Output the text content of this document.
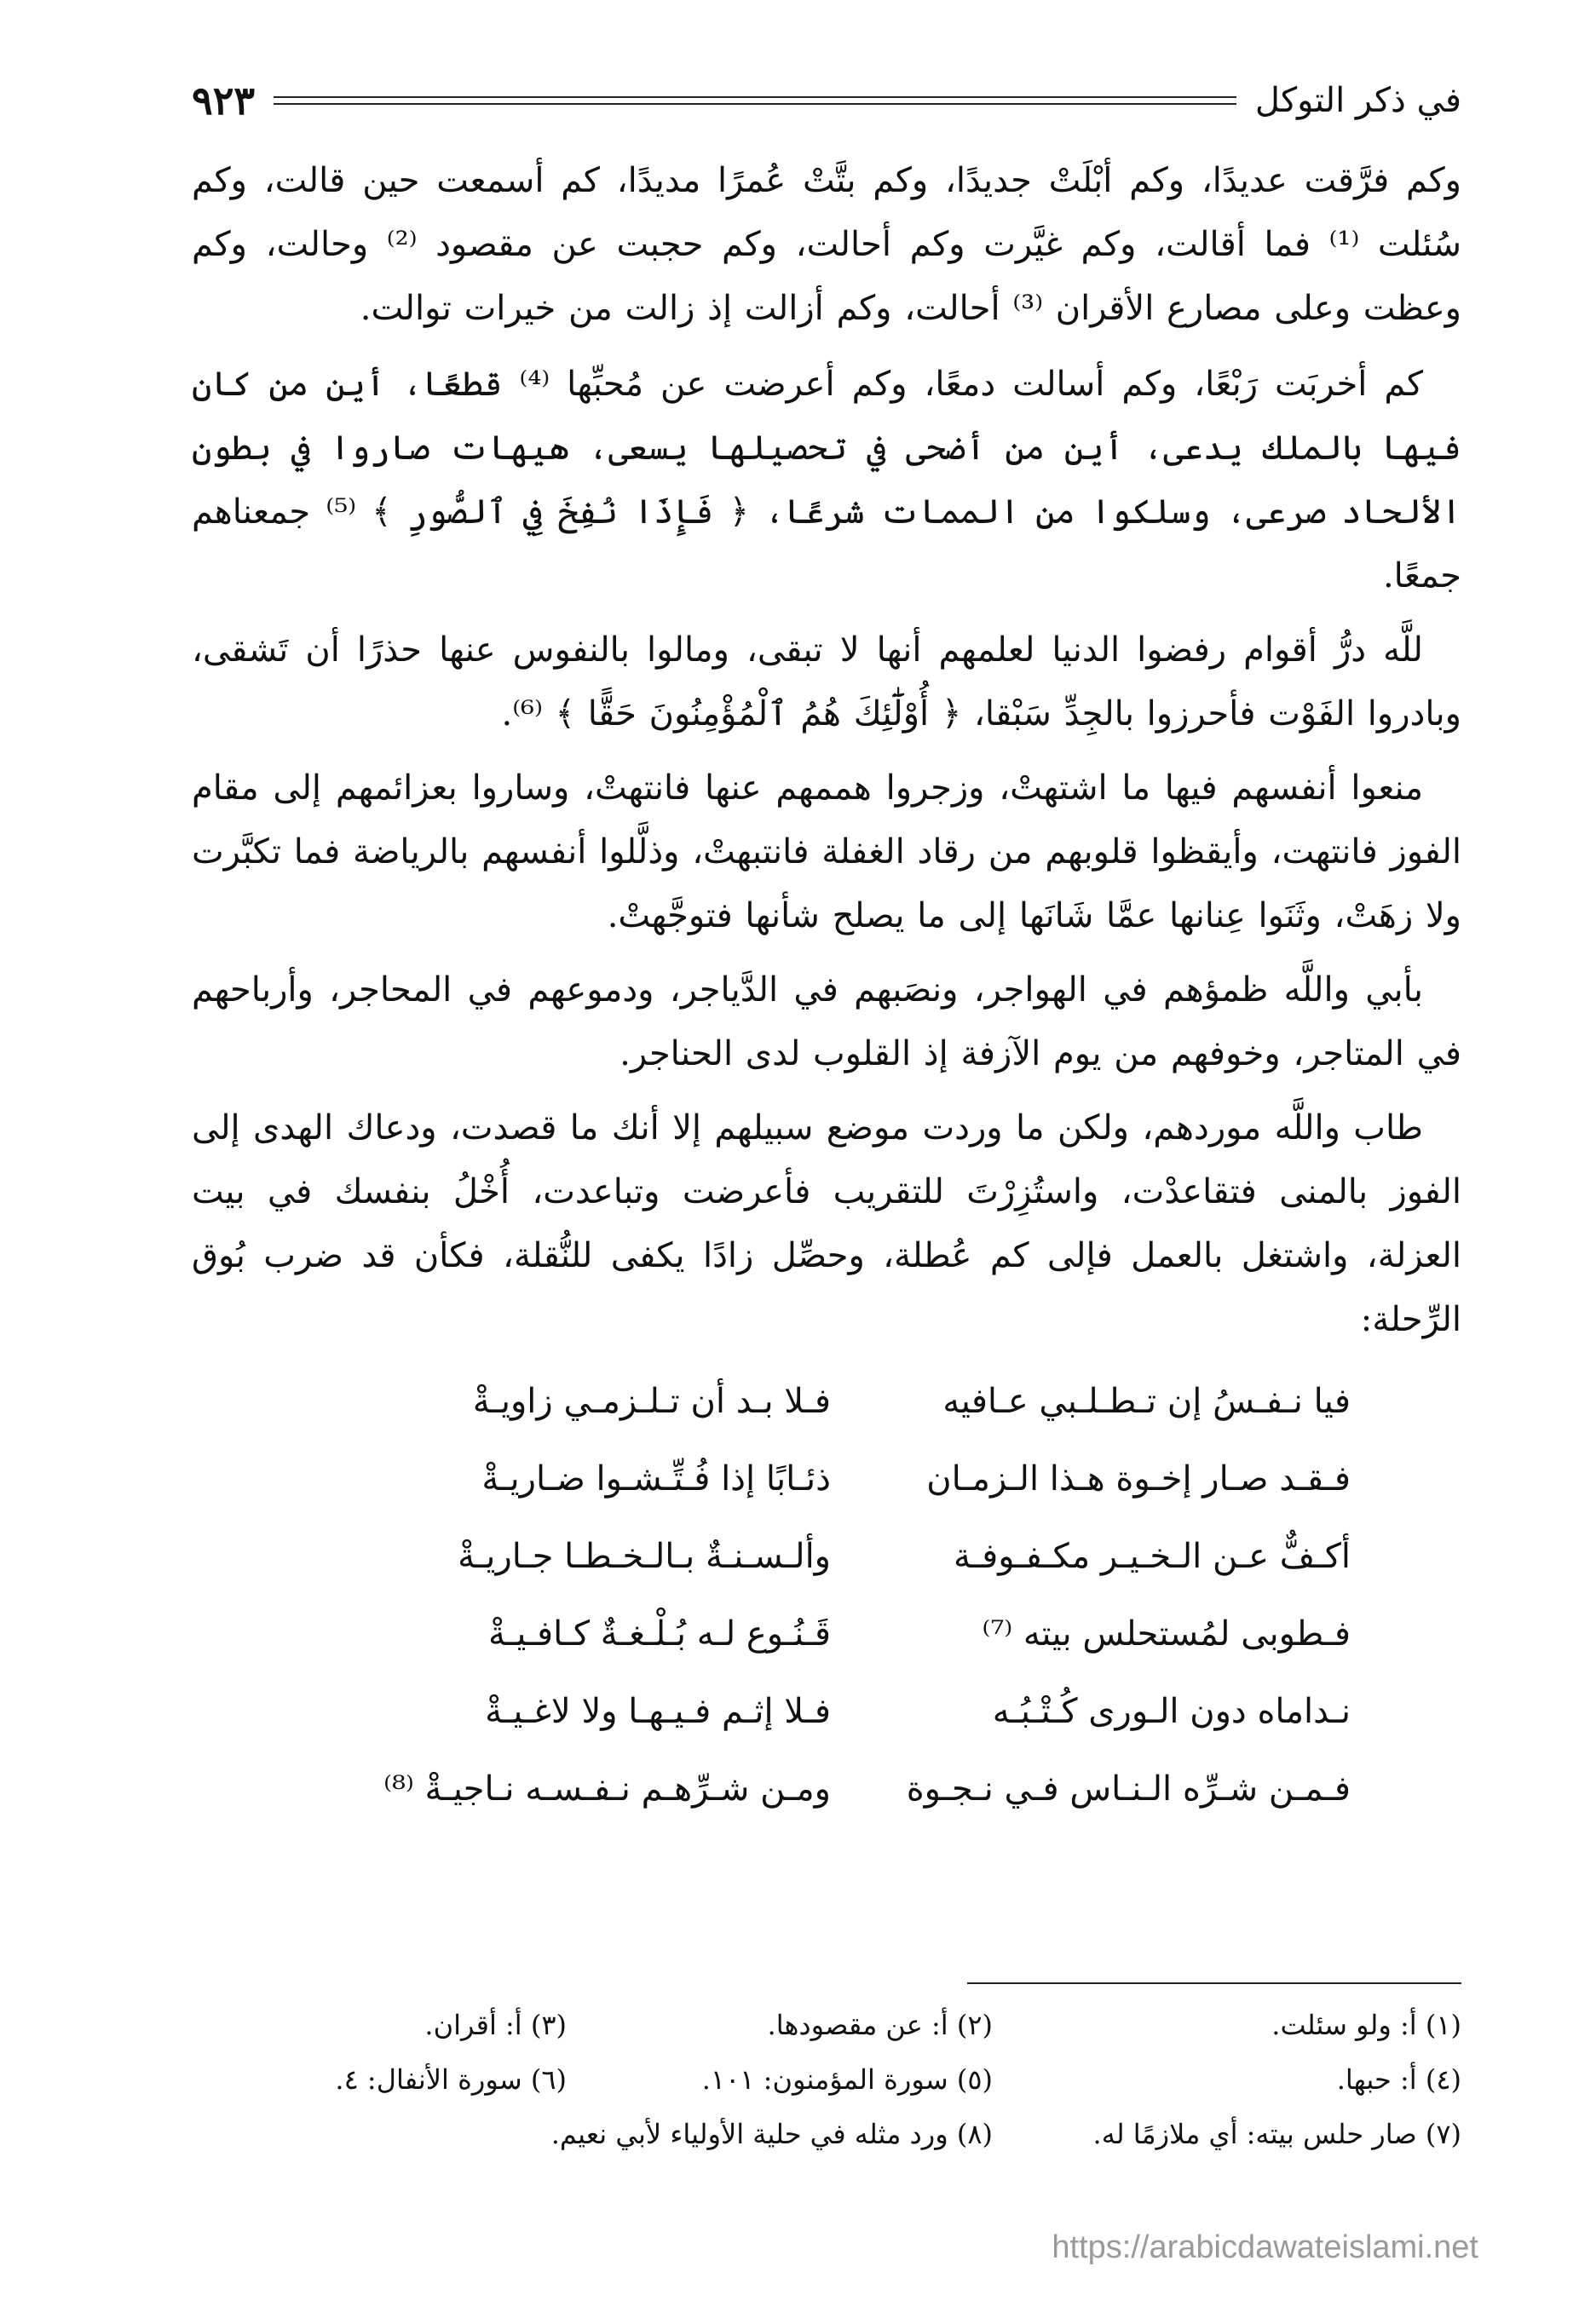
في ذكر التوكل
٩٢٣

وكم فرَّقت عديدًا، وكم أبْلَتْ جديدًا، وكم بتَّتْ عُمرًا مديدًا، كم أسمعت حين قالت، وكم سُئلت ⁽¹⁾ فما أقالت، وكم غيَّرت وكم أحالت، وكم حجبت عن مقصود ⁽²⁾ وحالت، وكم وعظت وعلى مصارع الأقران ⁽³⁾ أحالت، وكم أزالت إذ زالت من خيرات توالت.

كم أخربَت رَبْعًا، وكم أسالت دمعًا، وكم أعرضت عن مُحبِّها ⁽⁴⁾ قطعًا، أين من كان فيها بالملك يدعى، أين من أضحى في تحصيلها يسعى، هيهات صاروا في بطون الألحاد صرعى، وسلكوا من الممات شرعًا، ﴿ فَإِذَا نُفِخَ فِي ٱلصُّورِ ﴾ ⁽⁵⁾ جمعناهم جمعًا.

للَّه درُّ أقوام رفضوا الدنيا لعلمهم أنها لا تبقى، ومالوا بالنفوس عنها حذرًا أن تَشقى، وبادروا الفَوْت فأحرزوا بالجِدِّ سَبْقا، ﴿ أُوْلَٰٓئِكَ هُمُ ٱلْمُؤْمِنُونَ حَقًّا ﴾ ⁽⁶⁾.

منعوا أنفسهم فيها ما اشتهتْ، وزجروا هممهم عنها فانتهتْ، وساروا بعزائمهم إلى مقام الفوز فانتهت، وأيقظوا قلوبهم من رقاد الغفلة فانتبهتْ، وذلَّلوا أنفسهم بالرياضة فما تكبَّرت ولا زهَتْ، وثَنَوا عِنانها عمَّا شَانَها إلى ما يصلح شأنها فتوجَّهتْ.

بأبي واللَّه ظمؤهم في الهواجر، ونصَبهم في الدَّياجر، ودموعهم في المحاجر، وأرباحهم في المتاجر، وخوفهم من يوم الآزفة إذ القلوب لدى الحناجر.

طاب واللَّه موردهم، ولكن ما وردت موضع سبيلهم إلا أنك ما قصدت، ودعاك الهدى إلى الفوز بالمنى فتقاعدْت، واستُزِرْتَ للتقريب فأعرضت وتباعدت، أُخْلُ بنفسك في بيت العزلة، واشتغل بالعمل فإلى كم عُطلة، وحصِّل زادًا يكفى للنُّقلة، فكأن قد ضرب بُوق الرِّحلة:

فيا نـفـسُ إن تـطـلـبي عـافيه
فـلا بـد أن تـلـزمـي زاويـةْ
فـقـد صـار إخـوة هـذا الـزمـان
ذئـابًا إذا فُـتِّـشـوا ضـاريـةْ
أكـفٌّ عـن الـخـيـر مكـفـوفـة
وألـسـنـةٌ بـالـخـطـا جـاريـةْ
فـطوبى لمُستحلس بيته ⁽⁷⁾
قَـنُـوع لـه بُـلْـغـةٌ كـافـيـةْ
نـداماه دون الـورى كُـتْـبُـه
فـلا إثـم فـيـهـا ولا لاغـيـةْ
فـمـن شـرِّه الـنـاس فـي نـجـوة
ومـن شـرِّهـم نـفـسـه نـاجيـةْ ⁽⁸⁾
(١) أ: ولو سئلت.
(٢) أ: عن مقصودها.
(٣) أ: أقران.
(٤) أ: حبها.
(٥) سورة المؤمنون: ١٠١.
(٦) سورة الأنفال: ٤.
(٧) صار حلس بيته: أي ملازمًا له.
(٨) ورد مثله في حلية الأولياء لأبي نعيم.
https://arabicdawateislami.net
